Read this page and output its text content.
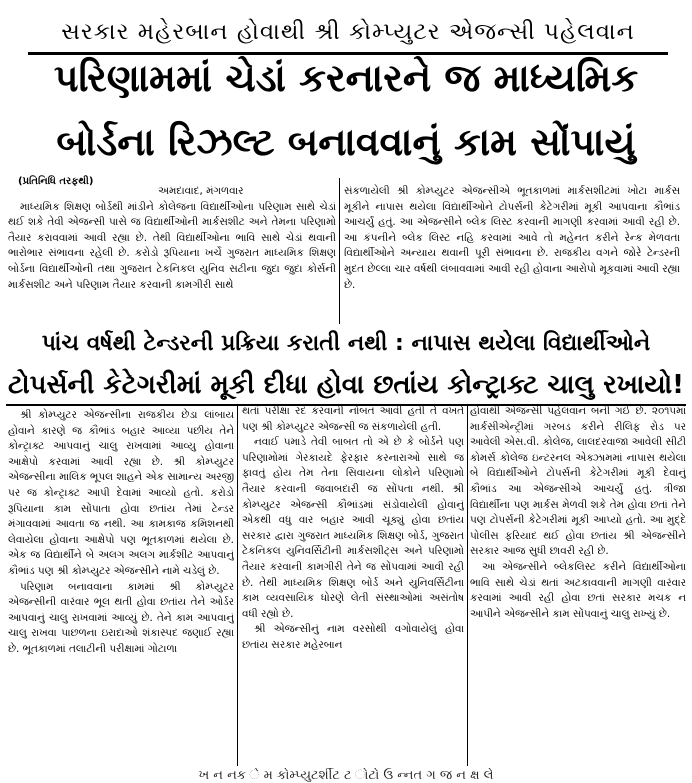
સરકાર મહેરબાન હોવાથી શ્રી કોમ્પ્યુટર એજન્સી પહેલવાન
પરિણામમાં ચેડાં કરનારને જ માધ્યમિક
બોર્ડના રિઝલ્ટ બનાવવાનું કામ સોંપાયું
(પ્રતિનિધિ તરફથી)

અમદાવાદ, મંગળવાર

માધ્યમિક શિક્ષણ બોર્ડથી માંડીને કોલેજના વિદ્યાર્થીઓના પરિણામ સાથે ચેડાં થઈ શકે તેવી એજન્સી પાસે જ વિદ્યાર્થીઓની માર્કસશીટ અને તેમના પરિણામો તૈયાર કરાવવામાં આવી રહ્યા છે. તેથી વિદ્યાર્થીઓના ભાવિ સાથે ચેડાં થવાની ભારોભાર સંભાવના રહેલી છે. કરોડો રૂપિયાના ખર્ચે ગુજરાત માધ્યમિક શિક્ષણ બોર્ડના વિદ્યાર્થીઓની તથા ગુજરાત ટેકનિકલ યુનિવ સટીના જુદા જુદા કોર્સની માર્કસશીટ અને પરિણામ તૈયાર કરવાની કામગીરી સાથે

સંકળાયેલી શ્રી કોમ્પ્યુટર એજન્સીએ ભૂતકાળમાં માર્કસશીટમાં ખોટા માર્કસ મૂકીને નાપાસ થયેલા વિદ્યાર્થીઓને ટોપર્સની કેટેગરીમાં મૂકી આપવાના કૌભાંડ આચર્યું હતું. આ એજન્સીને બ્લેક લિસ્ટ કરવાની માગણી કરવામાં આવી રહી છે. આ કંપનીને બ્લેક લિસ્ટ નહિ કરવામાં આવે તો મહેનત કરીને રેન્ક મેળવતા વિદ્યાર્થીઓને અન્યાય થવાની પૂરી સંભાવના છે. રાજકીય વગને જોરે ટેન્ડરની મુદત છેલ્લા ચાર વર્ષથી લંબાવવામાં આવી રહી હોવાના આરોપો મૂકવામાં આવી રહ્યા છે.

પાંચ વર્ષથી ટેન્ડરની પ્રક્રિયા કરાતી નથી : નાપાસ થયેલા વિદ્યાર્થીઓને
ટોપર્સની કેટેગરીમાં મૂકી દીધા હોવા છતાંય કોન્ટ્રાક્ટ ચાલુ રખાયો!

શ્રી કોમ્પ્યુટર એજન્સીના રાજકીય છેડા લાંબાય હોવાને કારણે જ કૌભાંડ બહાર આવ્યા પછીય તેને કોન્ટ્રાક્ટ આપવાનું ચાલુ રાખવામાં આવ્યુ હોવાના આક્ષેપો કરવામાં આવી રહ્યા છે. શ્રી કોમ્પ્યુટર એજન્સીના માલિક ભૂપલ શાહને એક સામાન્ય અરજી પર જ કોન્ટ્રાક્ટ આપી દેવામાં આવ્યો હતો. કરોડો રૂપિયાના કામ સોંપાતા હોવા છતાંય તેમાં ટેન્ડર મંગાવવામાં આવતા જ નથી. આ કામકાજ કમિશનથી લેવાયેલા હોવાના આક્ષેપો પણ ભૂતકાળમાં થયેલા છે. એક જ વિદ્યાર્થીને બે અલગ અલગ માર્કશીટ આપવાનું કૌભાંડ પણ શ્રી કોમ્પ્યુટર એજન્સીને નામે ચડેલું છે.

પરિણામ બનાવવાના કામમાં શ્રી કોમ્પ્યુટર એજન્સીની વારંવાર ભૂલ થતી હોવા છતાંય તેને ઓર્ડર આપવાનું ચાલુ રાખવામાં આવ્યું છે. તેને કામ આપવાનું ચાલુ રાખવા પાછળના ઇરાદાઓ શંકાસ્પદ જણાઈ રહ્યા છે. ભૂતકાળમાં તલાટીની પરીક્ષામાં ગોટાળા

થતાં પરીક્ષા રદ કરવાની નોબત આવી હતી તે વખતે પણ શ્રી કોમ્પ્યુટર એજન્સી જ સંકળાયેલી હતી.

નવાઈ પમાડે તેવી બાબત તો એ છે કે બોર્ડને પણ પરિણામોમાં ગેરકાયદે ફેરફાર કરનારાઓ સાથે જ ફાવતું હોય તેમ તેના સિવાયના લોકોને પરિણામો તૈયાર કરવાની જવાબદારી જ સોંપતા નથી. શ્રી કોમ્પ્યુટર એજન્સી કૌભાંડમાં સંડોવાયેલી હોવાનું એકથી વધુ વાર બહાર આવી ચૂક્યું હોવા છતાંય સરકાર દ્વારા ગુજરાત માધ્યમિક શિક્ષણ બોર્ડ, ગુજરાત ટેકનિકલ યુનિવર્સિટીની માર્કસશીટ્સ અને પરિણામો તૈયાર કરવાની કામગીરી તેને જ સોંપવામાં આવી રહી છે. તેથી માધ્યમિક શિક્ષણ બોર્ડ અને યુનિવર્સિટીના કામ વ્યવસાયિક ધોરણે લેતી સંસ્થાઓમાં અસંતોષ વધી રહ્યો છે.

શ્રી એજન્સીનું નામ વરસોથી વગોવાયેલું હોવા છતાંય સરકાર મહેરબાન

હોવાથી એજન્સી પહેલવાન બની ગઈ છે. ૨૦૧૫માં માર્કસીએન્ટ્રીમાં ગરબડ કરીને રીલિફ રોડ પર આવેલી એસ.વી. કોલેજ, લાલદરવાજા આવેલી સીટી કોમર્સ કોલેજ ઇન્ટરનલ એક્ઝામમાં નાપાસ થયેલા બે વિદ્યાર્થીઓને ટોપર્સની કેટેગરીમાં મૂકી દેવાનું કૌભાંડ આ એજન્સીએ આચર્યું હતું. ત્રીજા વિદ્યાર્થીના પણ માર્કસ મેળવી શકે તેમ હોવા છતાં તેને પણ ટોપર્સની કેટેગરીમાં મૂકી આપ્યો હતો. આ મુદ્દે પોલીસ ફરિયાદ થઈ હોવા છતાંય શ્રી એજન્સીને સરકાર આજ સુધી છાવરી રહી છે.

આ એજન્સીને બ્લેકલિસ્ટ કરીને વિદ્યાર્થીઓના ભાવિ સાથે ચેડાં થતાં અટકાવવાની માગણી વારંવાર કરવામાં આવી રહી હોવા છતાં સરકાર મચક ન આપીને એજન્સીને કામ સોંપવાનું ચાલુ રાખ્યું છે.

ખ ન નક ે મ કોમ્પ્યુટર્શીટ ટ ોટો ઉ ન્નત ગ જ ન ક્ષ લે
